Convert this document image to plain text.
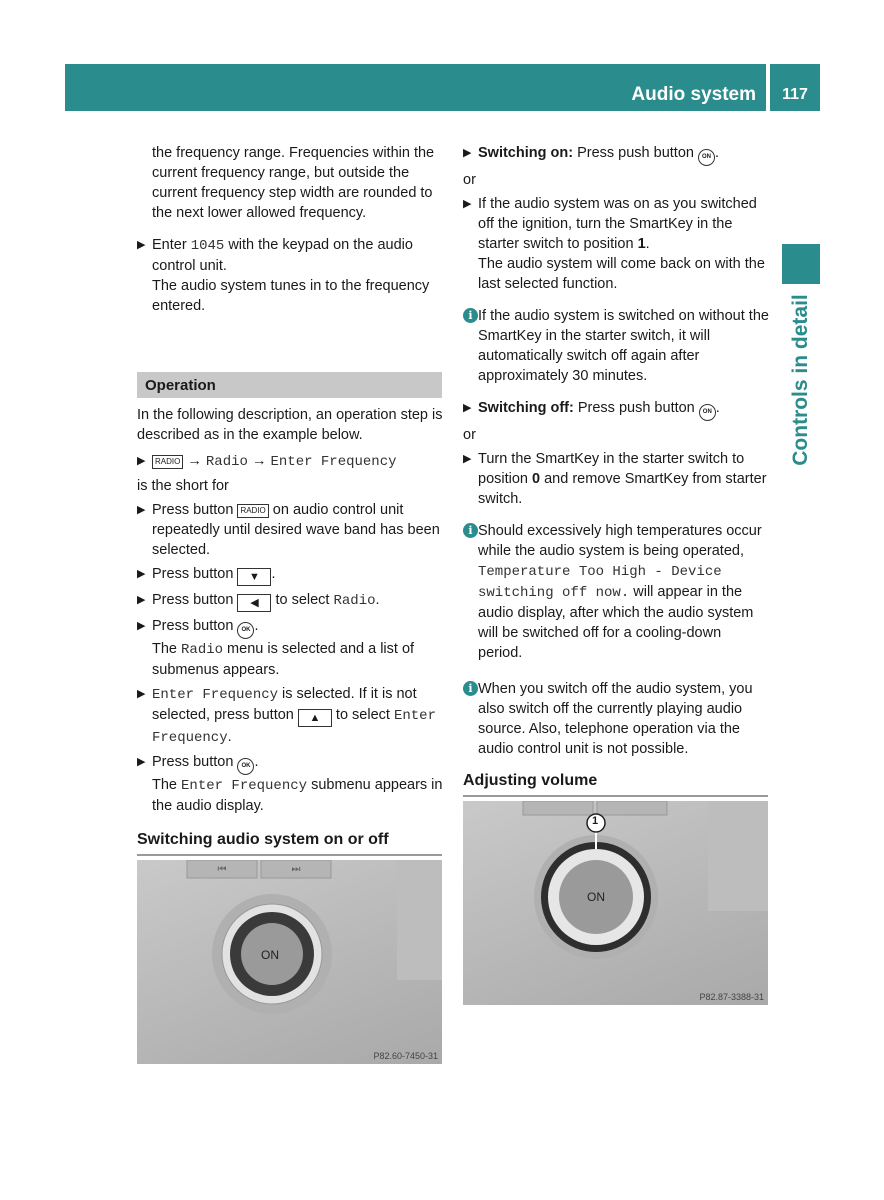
Audio system	117
Controls in detail

the frequency range. Frequencies within the current frequency range, but outside the current frequency step width are rounded to the next lower allowed frequency.

▶ Enter 1045 with the keypad on the audio control unit.

The audio system tunes in to the frequency entered.

Operation

In the following description, an operation step is described as in the example below.

▶ RADIO → Radio → Enter Frequency

is the short for

▶ Press button RADIO on audio control unit repeatedly until desired wave band has been selected.
▶ Press button ▼ .
▶ Press button ◀ to select Radio.
▶ Press button OK .

The Radio menu is selected and a list of submenus appears.

▶ Enter Frequency is selected. If it is not selected, press button ▲ to select Enter Frequency.
▶ Press button OK .

The Enter Frequency submenu appears in the audio display.

Switching audio system on or off
⏮	⏭
ON
P82.60-7450-31
▶ Switching on: Press push button ON .

or

▶ If the audio system was on as you switched off the ignition, turn the SmartKey in the starter switch to position 1.

The audio system will come back on with the last selected function.

i If the audio system is switched on without the SmartKey in the starter switch, it will automatically switch off again after approximately 30 minutes.

▶ Switching off: Press push button ON .

or

▶ Turn the SmartKey in the starter switch to position 0 and remove SmartKey from starter switch.
i Should excessively high temperatures occur while the audio system is being operated, Temperature Too High - Device switching off now. will appear in the audio display, after which the audio system will be switched off for a cooling-down period.

i When you switch off the audio system, you also switch off the currently playing audio source. Also, telephone operation via the audio control unit is not possible.

Adjusting volume
1
ON
P82.87-3388-31
